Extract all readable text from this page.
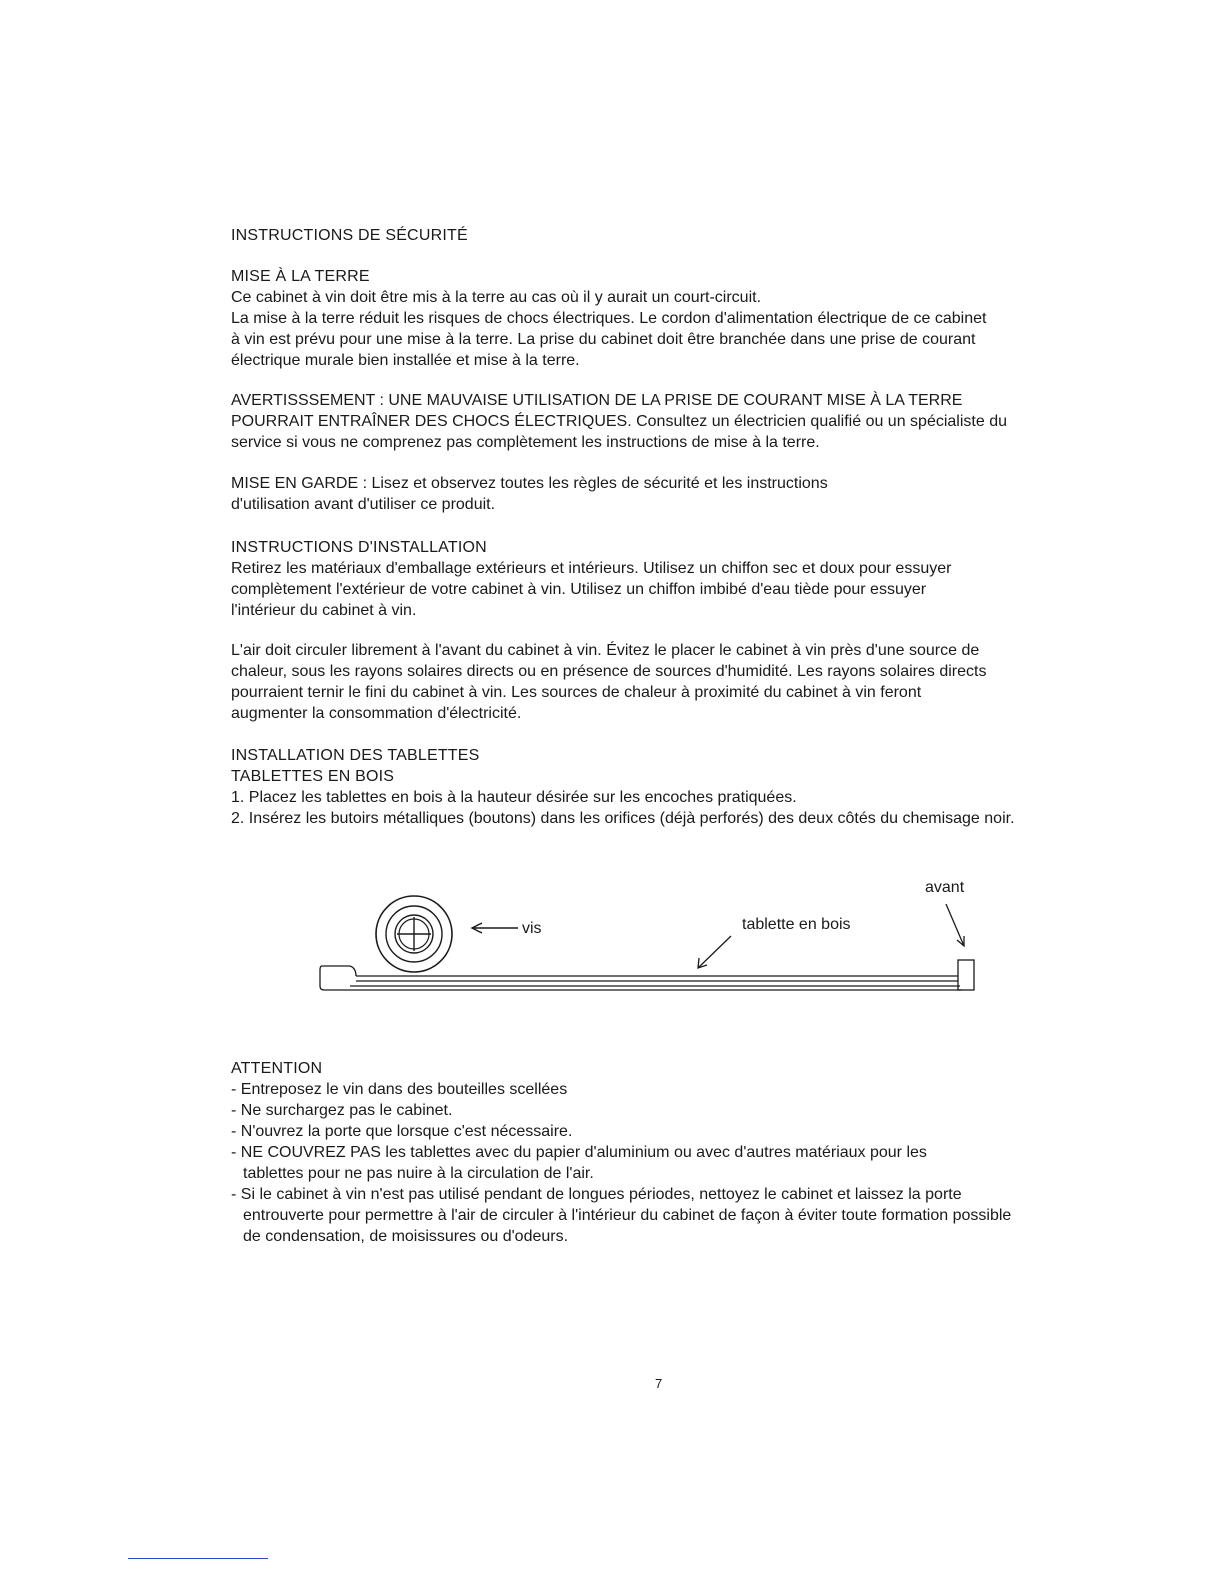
INSTRUCTIONS DE SÉCURITÉ
MISE À LA TERRE
Ce cabinet à vin doit être mis à la terre au cas où il y aurait un court-circuit.
La mise à la terre réduit les risques de chocs électriques. Le cordon d'alimentation électrique de ce cabinet
à vin est prévu pour une mise à la terre. La prise du cabinet doit être branchée dans une prise de courant
électrique murale bien installée et mise à la terre.
AVERTISSSEMENT : UNE MAUVAISE UTILISATION DE LA PRISE DE COURANT MISE À LA TERRE
POURRAIT ENTRAÎNER DES CHOCS ÉLECTRIQUES. Consultez un électricien qualifié ou un spécialiste du
service si vous ne comprenez pas complètement les instructions de mise à la terre.
MISE EN GARDE : Lisez et observez toutes les règles de sécurité et les instructions
d'utilisation avant d'utiliser ce produit.
INSTRUCTIONS D'INSTALLATION
Retirez les matériaux d'emballage extérieurs et intérieurs. Utilisez un chiffon sec et doux pour essuyer
complètement l'extérieur de votre cabinet à vin. Utilisez un chiffon imbibé d'eau tiède pour essuyer
l'intérieur du cabinet à vin.
L'air doit circuler librement à l'avant du cabinet à vin. Évitez le placer le cabinet à vin près d'une source de
chaleur, sous les rayons solaires directs ou en présence de sources d'humidité. Les rayons solaires directs
pourraient ternir le fini du cabinet à vin. Les sources de chaleur à proximité du cabinet à vin feront
augmenter la consommation d'électricité.
INSTALLATION DES TABLETTES
TABLETTES EN BOIS
1. Placez les tablettes en bois à la hauteur désirée sur les encoches pratiquées.
2. Insérez les butoirs métalliques (boutons) dans les orifices (déjà perforés) des deux côtés du chemisage noir.
vis	tablette en bois
avant
ATTENTION
- Entreposez le vin dans des bouteilles scellées
- Ne surchargez pas le cabinet.
- N'ouvrez la porte que lorsque c'est nécessaire.
- NE COUVREZ PAS les tablettes avec du papier d'aluminium ou avec d'autres matériaux pour les tablettes pour ne pas nuire à la circulation de l'air.
- Si le cabinet à vin n'est pas utilisé pendant de longues périodes, nettoyez le cabinet et laissez la porte entrouverte pour permettre à l'air de circuler à l'intérieur du cabinet de façon à éviter toute formation possible de condensation, de moisissures ou d'odeurs.
7
